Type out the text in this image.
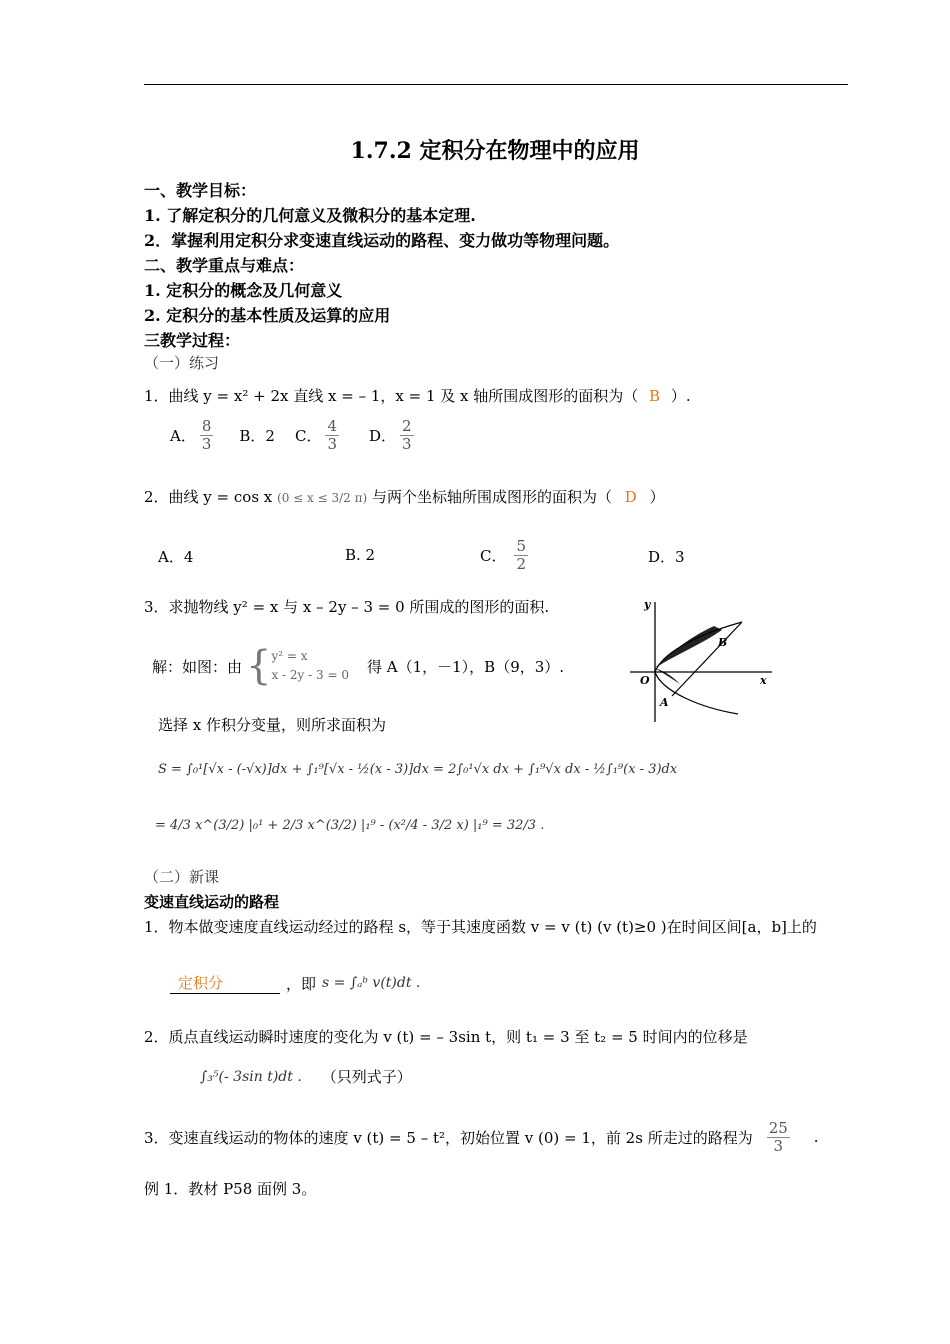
1.7.2 定积分在物理中的应用
一、教学目标：
1. 了解定积分的几何意义及微积分的基本定理.
2．掌握利用定积分求变速直线运动的路程、变力做功等物理问题。
二、教学重点与难点：
1. 定积分的概念及几何意义
2. 定积分的基本性质及运算的应用
三教学过程：
（一）练习
1．曲线 y = x² + 2x 直线 x = – 1，x = 1 及 x 轴所围成图形的面积为（ B ）.
A． $\frac{8}{3}$ B．2 C． $\frac{4}{3}$ D． $\frac{2}{3}$
2．曲线 y = cos x (0 ≤ x ≤ 3/2 π) 与两个坐标轴所围成图形的面积为（ D ）
A．4	B. 2	C． $\frac{5}{2}$	D．3
3．求抛物线 y² = x 与 x – 2y – 3 = 0 所围成的图形的面积.
解：如图：由 { y² = x
x - 2y - 3 = 0 得 A（1，－1），B（9，3）.
选择 x 作积分变量，则所求面积为
S = ∫₀¹[√x - (-√x)]dx + ∫₁⁹[√x - ½(x - 3)]dx = 2∫₀¹√x dx + ∫₁⁹√x dx - ½∫₁⁹(x - 3)dx
= 4/3 x^(3/2) |₀¹ + 2/3 x^(3/2) |₁⁹ - (x²/4 - 3/2 x) |₁⁹ = 32/3 .
y
x
O
A
B
（二）新课
变速直线运动的路程
1．物本做变速度直线运动经过的路程 s，等于其速度函数 v = v (t) (v (t)≥0 )在时间区间[a，b]上的
定积分	，即 s = ∫ₐᵇ v(t)dt .
2．质点直线运动瞬时速度的变化为 v (t) = – 3sin t，则 t₁ = 3 至 t₂ = 5 时间内的位移是
∫₃⁵(- 3sin t)dt . （只列式子）
3．变速直线运动的物体的速度 v (t) = 5 – t²，初始位置 v (0) = 1，前 2s 所走过的路程为 $\frac{25}{3}$ .
例 1．教材 P58 面例 3。
